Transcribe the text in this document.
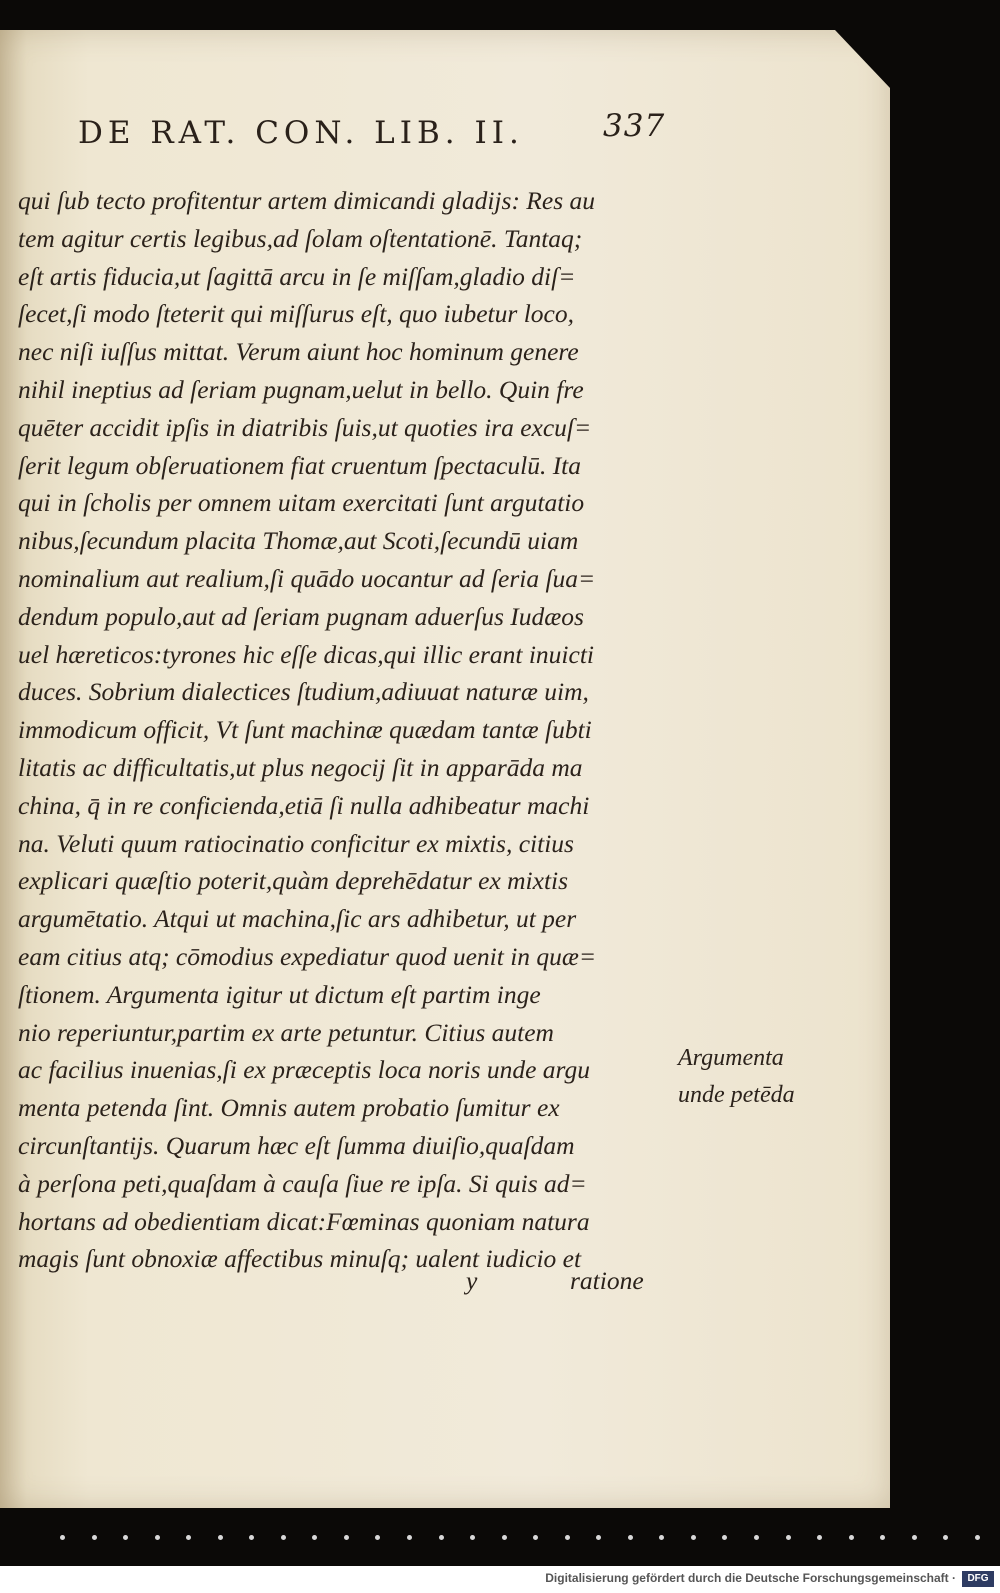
DE RAT. CON. LIB. II.	337
qui ſub tecto profitentur artem dimicandi gladijs: Res au
tem agitur certis legibus,ad ſolam oſtentationē. Tantaq;
eſt artis fiducia,ut ſagittā arcu in ſe miſſam,gladio diſ=
ſecet,ſi modo ſteterit qui miſſurus eſt, quo iubetur loco,
nec niſi iuſſus mittat. Verum aiunt hoc hominum genere
nihil ineptius ad ſeriam pugnam,uelut in bello. Quin fre
quēter accidit ipſis in diatribis ſuis,ut quoties ira excuſ=
ſerit legum obſeruationem fiat cruentum ſpectaculū. Ita
qui in ſcholis per omnem uitam exercitati ſunt argutatio
nibus,ſecundum placita Thomæ,aut Scoti,ſecundū uiam
nominalium aut realium,ſi quādo uocantur ad ſeria ſua=
dendum populo,aut ad ſeriam pugnam aduerſus Iudæos
uel hæreticos:tyrones hic eſſe dicas,qui illic erant inuicti
duces. Sobrium dialectices ſtudium,adiuuat naturæ uim,
immodicum officit, Vt ſunt machinæ quædam tantæ ſubti
litatis ac difficultatis,ut plus negocij ſit in apparāda ma
china, q̄ in re conficienda,etiā ſi nulla adhibeatur machi
na. Veluti quum ratiocinatio conficitur ex mixtis, citius
explicari quæſtio poterit,quàm deprehēdatur ex mixtis
argumētatio. Atqui ut machina,ſic ars adhibetur, ut per
eam citius atq; cōmodius expediatur quod uenit in quæ=
ſtionem. Argumenta igitur ut dictum eſt partim inge
nio reperiuntur,partim ex arte petuntur. Citius autem
ac facilius inuenias,ſi ex præceptis loca noris unde argu
menta petenda ſint. Omnis autem probatio ſumitur ex
circunſtantijs. Quarum hæc eſt ſumma diuiſio,quaſdam
à perſona peti,quaſdam à cauſa ſiue re ipſa. Si quis ad=
hortans ad obedientiam dicat:Fœminas quoniam natura
magis ſunt obnoxiæ affectibus minuſq; ualent iudicio et
y	ratione
Argumenta
unde petēda
Digitalisierung gefördert durch die Deutsche Forschungsgemeinschaft ·	DFG
